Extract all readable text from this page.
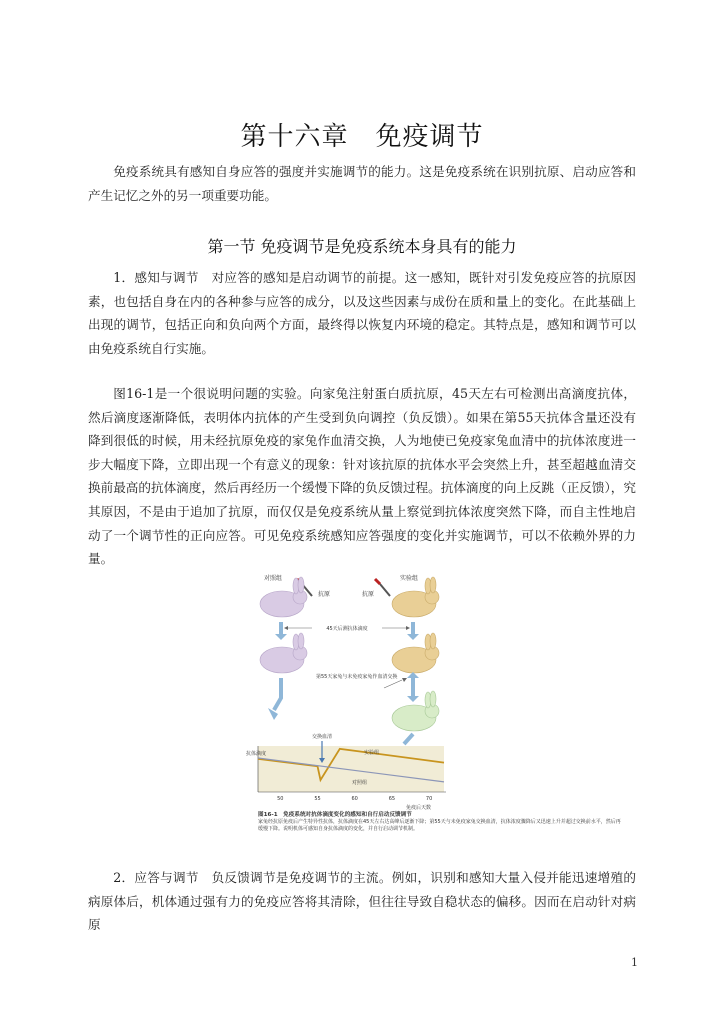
第十六章　免疫调节
免疫系统具有感知自身应答的强度并实施调节的能力。这是免疫系统在识别抗原、启动应答和产生记忆之外的另一项重要功能。
第一节 免疫调节是免疫系统本身具有的能力
1．感知与调节　对应答的感知是启动调节的前提。这一感知，既针对引发免疫应答的抗原因素，也包括自身在内的各种参与应答的成分，以及这些因素与成份在质和量上的变化。在此基础上出现的调节，包括正向和负向两个方面，最终得以恢复内环境的稳定。其特点是，感知和调节可以由免疫系统自行实施。
图16-1是一个很说明问题的实验。向家兔注射蛋白质抗原，45天左右可检测出高滴度抗体，然后滴度逐渐降低，表明体内抗体的产生受到负向调控（负反馈）。如果在第55天抗体含量还没有降到很低的时候，用未经抗原免疫的家兔作血清交换，人为地使已免疫家兔血清中的抗体浓度进一步大幅度下降，立即出现一个有意义的现象：针对该抗原的抗体水平会突然上升，甚至超越血清交换前最高的抗体滴度，然后再经历一个缓慢下降的负反馈过程。抗体滴度的向上反跳（正反馈），究其原因，不是由于追加了抗原，而仅仅是免疫系统从量上察觉到抗体浓度突然下降，而自主性地启动了一个调节性的正向应答。可见免疫系统感知应答强度的变化并实施调节，可以不依赖外界的力量。
对照组	实验组
抗原	抗原
45天后测抗体滴度
第55天家兔与未免疫家兔作血清交换
抗体滴度
交换血清
实验组
对照组
50	55	60	65	70
免疫后天数
图16-1　免疫系统对抗体滴度变化的感知和自行启动反馈调节
家兔经抗原免疫后产生特异性抗体，抗体滴度在45天左右达高峰后逐渐下降；第55天与未免疫家兔交换血清，抗体浓度骤降后又迅速上升并超过交换前水平，然后再缓慢下降。说明机体可感知自身抗体滴度的变化，并自行启动调节机制。
2．应答与调节　负反馈调节是免疫调节的主流。例如，识别和感知大量入侵并能迅速增殖的病原体后，机体通过强有力的免疫应答将其清除，但往往导致自稳状态的偏移。因而在启动针对病原
1
